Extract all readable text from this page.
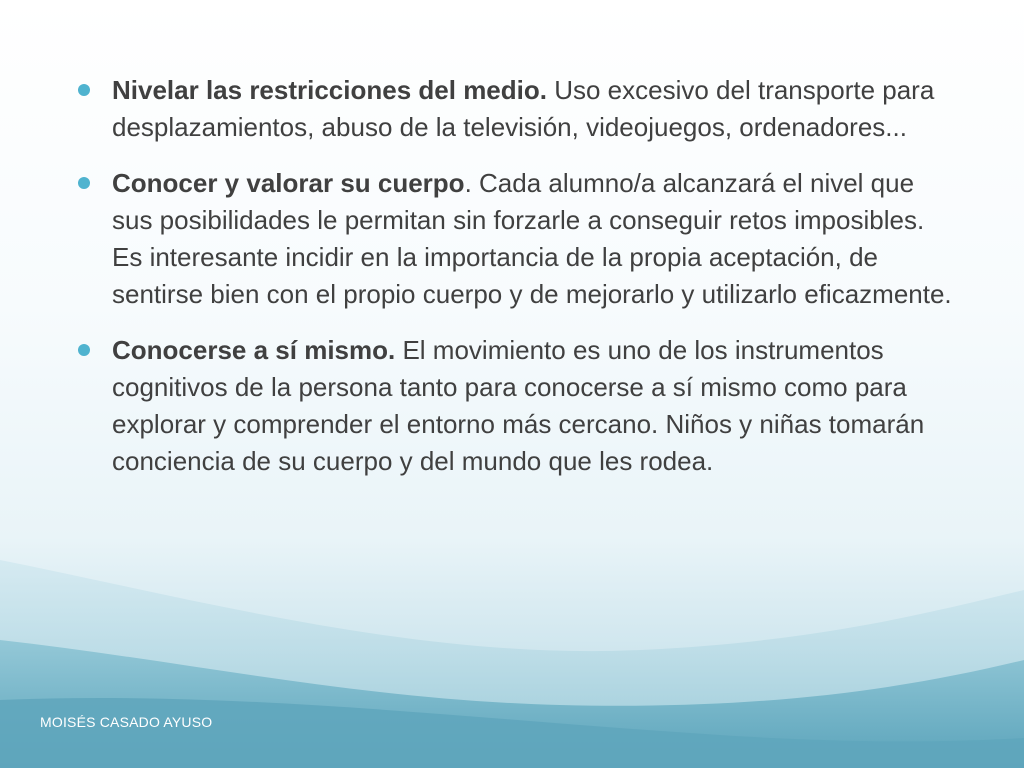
Nivelar las restricciones del medio. Uso excesivo del transporte para desplazamientos, abuso de la televisión, videojuegos, ordenadores...
Conocer y valorar su cuerpo. Cada alumno/a alcanzará el nivel que sus posibilidades le permitan sin forzarle a conseguir retos imposibles. Es interesante incidir en la importancia de la propia aceptación, de sentirse bien con el propio cuerpo y de mejorarlo y utilizarlo eficazmente.
Conocerse a sí mismo. El movimiento es uno de los instrumentos cognitivos de la persona tanto para conocerse a sí mismo como para explorar y comprender el entorno más cercano. Niños y niñas tomarán conciencia de su cuerpo y del mundo que les rodea.
MOISÉS CASADO AYUSO
